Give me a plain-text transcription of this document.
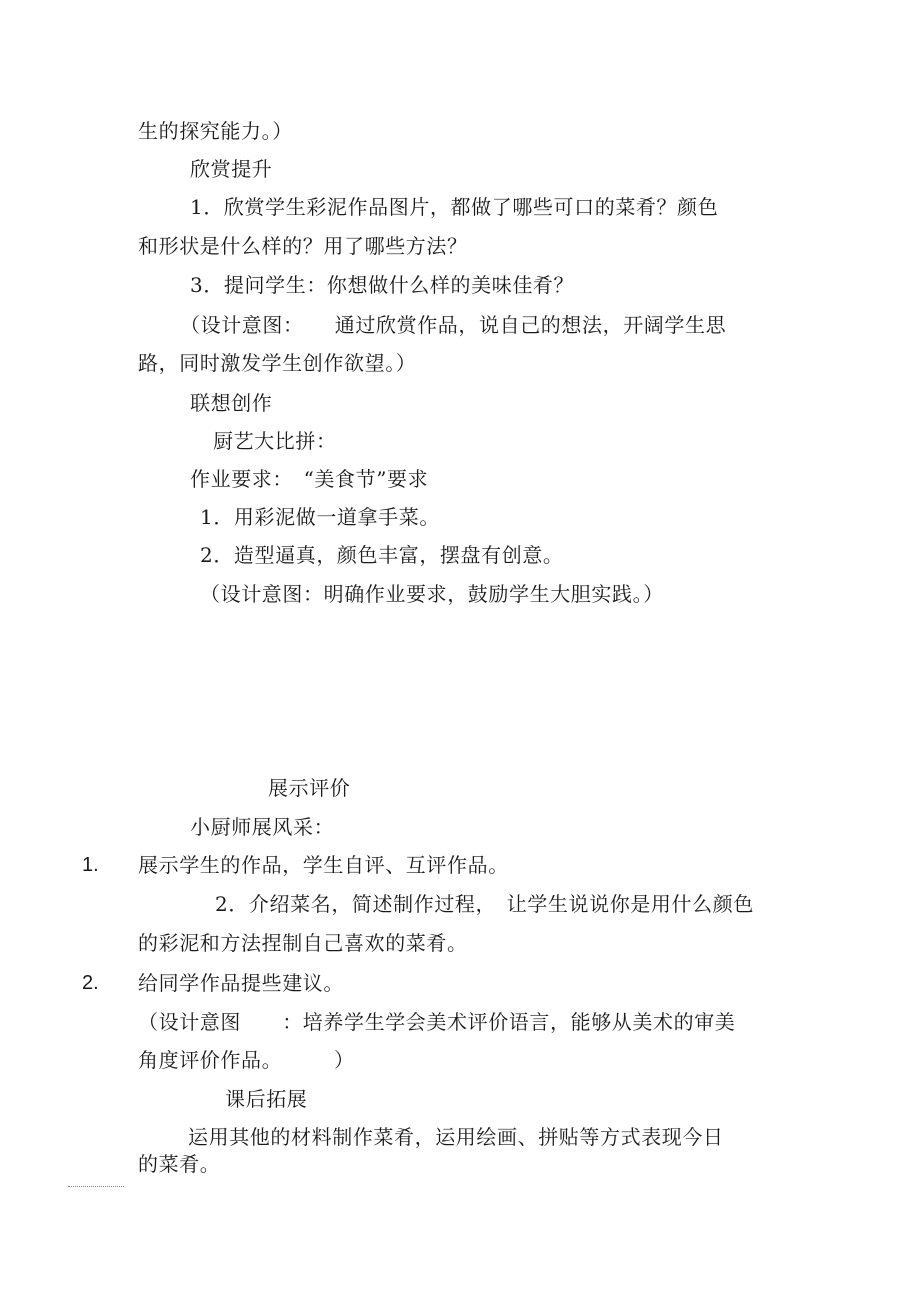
生的探究能力。）
欣赏提升
1．欣赏学生彩泥作品图片，都做了哪些可口的菜肴？颜色
和形状是什么样的？用了哪些方法？
3．提问学生：你想做什么样的美味佳肴？
（设计意图：　　通过欣赏作品，说自己的想法，开阔学生思
路，同时激发学生创作欲望。）
联想创作
厨艺大比拼：
作业要求：　“美食节”要求
1．用彩泥做一道拿手菜。
2．造型逼真，颜色丰富，摆盘有创意。
（设计意图：明确作业要求，鼓励学生大胆实践。）
展示评价
小厨师展风采：
1. 展示学生的作品，学生自评、互评作品。
2．介绍菜名，简述制作过程，　让学生说说你是用什么颜色
的彩泥和方法捏制自己喜欢的菜肴。
2. 给同学作品提些建议。
（设计意图　　：培养学生学会美术评价语言，能够从美术的审美
角度评价作品。　　　）
课后拓展
运用其他的材料制作菜肴，运用绘画、拼贴等方式表现今日
的菜肴。
